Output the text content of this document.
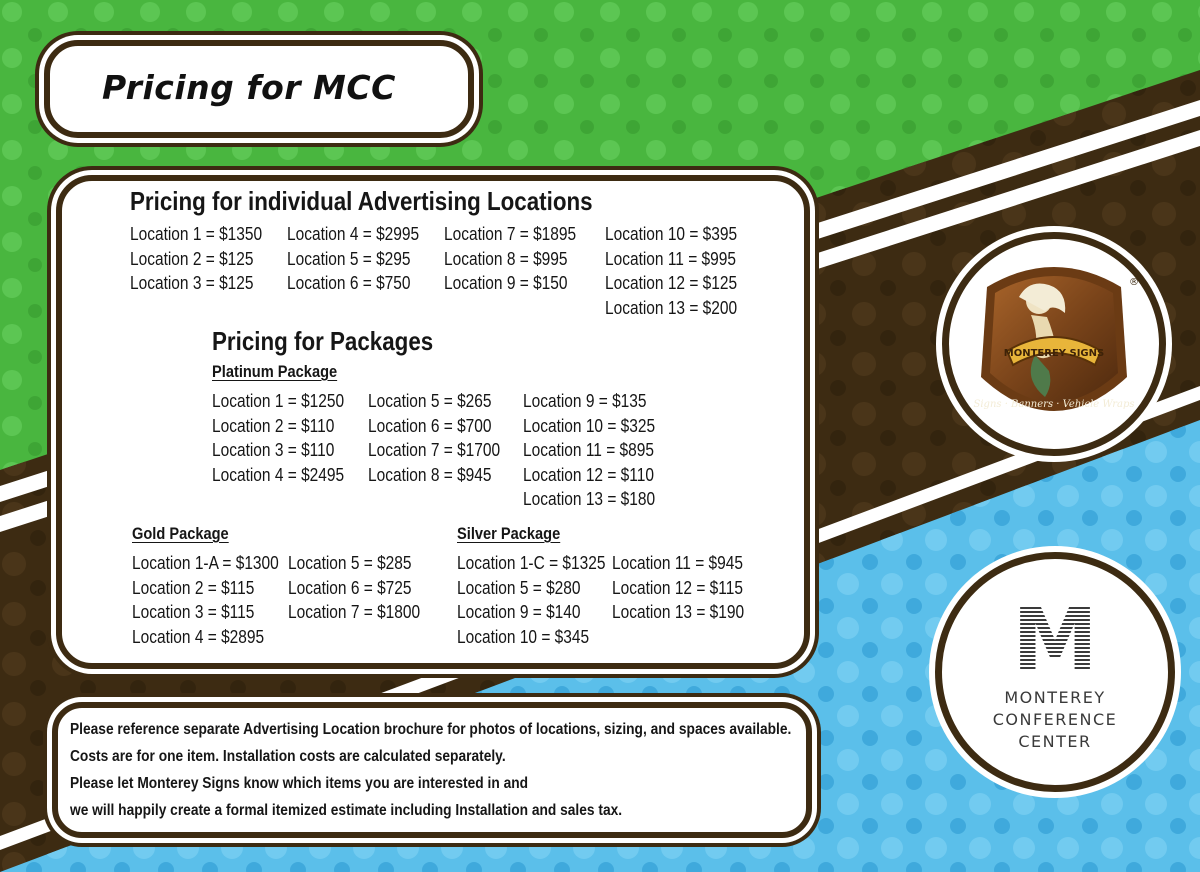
Pricing for MCC
Pricing for individual Advertising Locations
Location 1 = $1350
Location 2 = $125
Location 3 = $125
Location 4 = $2995
Location 5 = $295
Location 6 = $750
Location 7 = $1895
Location 8 = $995
Location 9 = $150
Location 10 = $395
Location 11 = $995
Location 12 = $125
Location 13 = $200
Pricing for Packages
Platinum Package
Location 1 = $1250
Location 2 = $110
Location 3 = $110
Location 4 = $2495
Location 5 = $265
Location 6 = $700
Location 7 = $1700
Location 8 = $945
Location 9 = $135
Location 10 = $325
Location 11 = $895
Location 12 = $110
Location 13 = $180
Gold Package
Location 1-A = $1300
Location 2 = $115
Location 3 = $115
Location 4 = $2895
Location 5 = $285
Location 6 = $725
Location 7 = $1800
Silver Package
Location 1-C = $1325
Location 5 = $280
Location 9 = $140
Location 10 = $345
Location 11 = $945
Location 12 = $115
Location 13 = $190

Please reference separate Advertising Location brochure for photos of locations, sizing, and spaces available.

Costs are for one item. Installation costs are calculated separately.

Please let Monterey Signs know which items you are interested in and

we will happily create a formal itemized estimate including Installation and sales tax.

MONTEREY SIGNS
Signs · Banners · Vehicle Wraps
®
M

MONTEREY

CONFERENCE

CENTER
